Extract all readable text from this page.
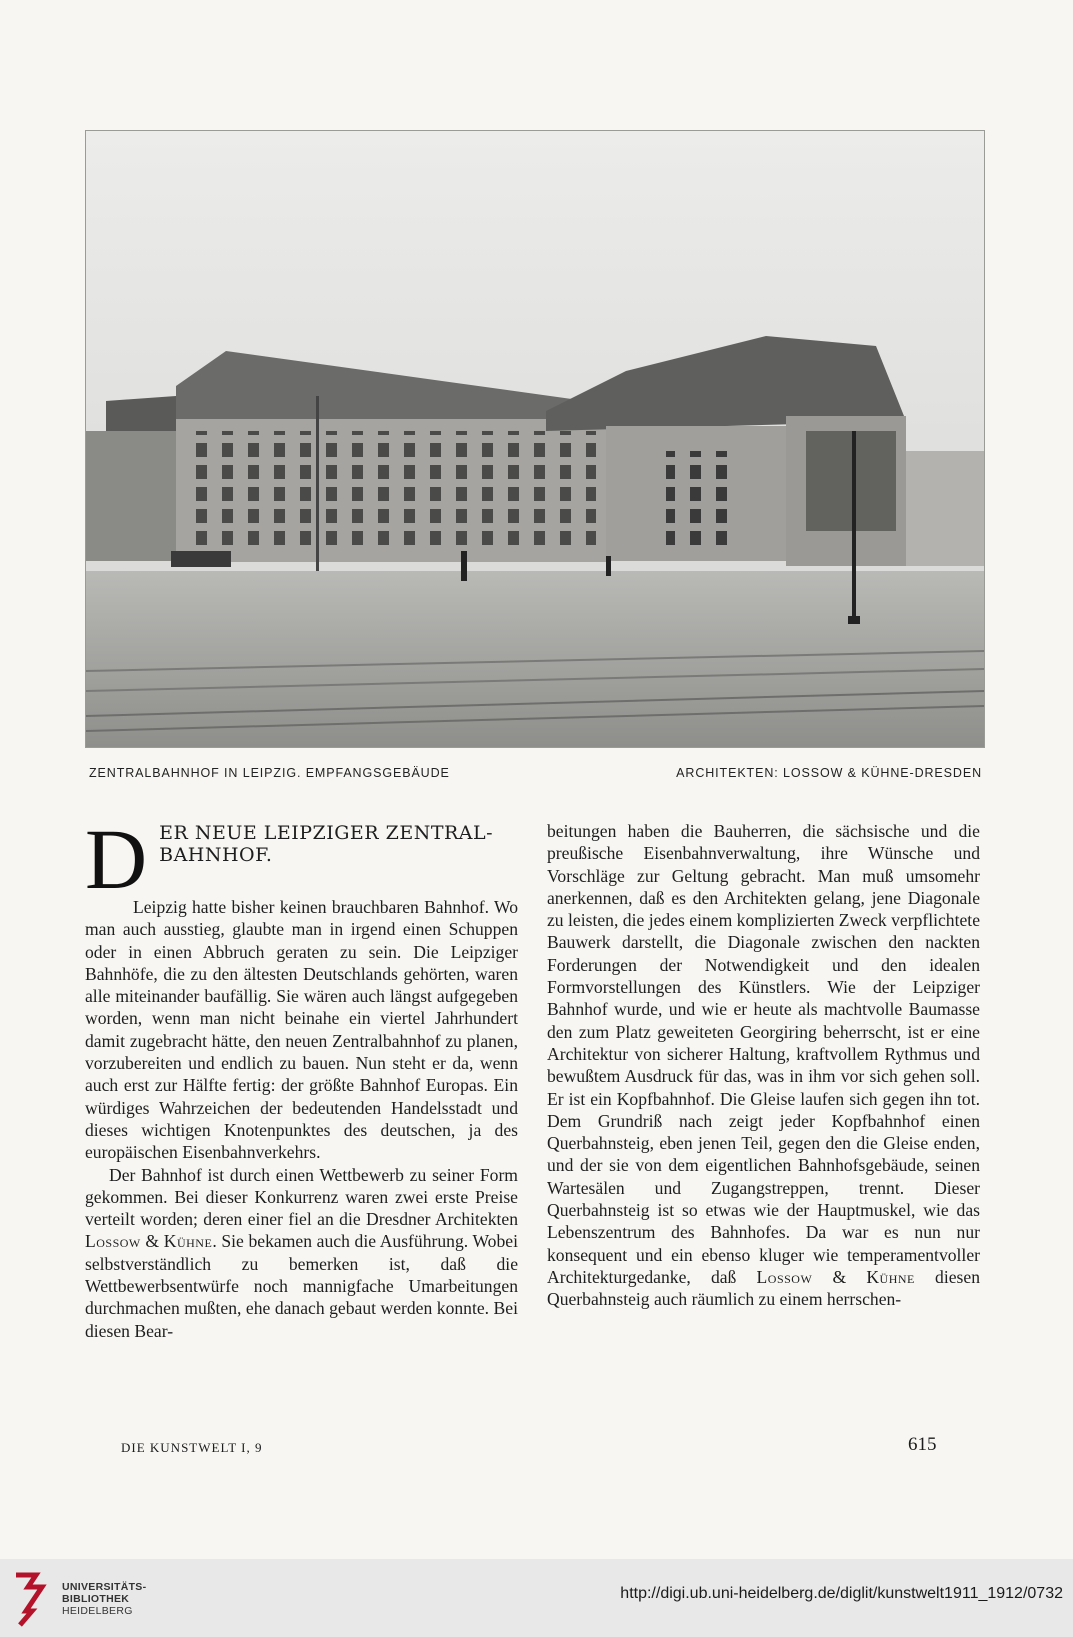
ZENTRALBAHNHOF IN LEIPZIG. EMPFANGSGEBÄUDE	ARCHITEKTEN: LOSSOW & KÜHNE-DRESDEN
D ER NEUE LEIPZIGER ZENTRAL-
BAHNHOF.

Leipzig hatte bisher keinen brauchbaren Bahnhof. Wo man auch ausstieg, glaubte man in irgend einen Schuppen oder in einen Abbruch geraten zu sein. Die Leipziger Bahnhöfe, die zu den ältesten Deutschlands gehörten, waren alle miteinander baufällig. Sie wären auch längst aufgegeben worden, wenn man nicht beinahe ein viertel Jahrhundert damit zugebracht hätte, den neuen Zentralbahnhof zu planen, vorzubereiten und endlich zu bauen. Nun steht er da, wenn auch erst zur Hälfte fertig: der größte Bahnhof Europas. Ein würdiges Wahrzeichen der bedeutenden Handelsstadt und dieses wichtigen Knotenpunktes des deutschen, ja des europäischen Eisenbahnverkehrs.

Der Bahnhof ist durch einen Wettbewerb zu seiner Form gekommen. Bei dieser Konkurrenz waren zwei erste Preise verteilt worden; deren einer fiel an die Dresdner Architekten Lossow & Kühne. Sie bekamen auch die Ausführung. Wobei selbstverständlich zu bemerken ist, daß die Wettbewerbsentwürfe noch mannigfache Umarbeitungen durchmachen mußten, ehe danach gebaut werden konnte. Bei diesen Bear-

beitungen haben die Bauherren, die sächsische und die preußische Eisenbahnverwaltung, ihre Wünsche und Vorschläge zur Geltung gebracht. Man muß umsomehr anerkennen, daß es den Architekten gelang, jene Diagonale zu leisten, die jedes einem komplizierten Zweck verpflichtete Bauwerk darstellt, die Diagonale zwischen den nackten Forderungen der Notwendigkeit und den idealen Formvorstellungen des Künstlers. Wie der Leipziger Bahnhof wurde, und wie er heute als machtvolle Baumasse den zum Platz geweiteten Georgiring beherrscht, ist er eine Architektur von sicherer Haltung, kraftvollem Rythmus und bewußtem Ausdruck für das, was in ihm vor sich gehen soll. Er ist ein Kopfbahnhof. Die Gleise laufen sich gegen ihn tot. Dem Grundriß nach zeigt jeder Kopfbahnhof einen Querbahnsteig, eben jenen Teil, gegen den die Gleise enden, und der sie von dem eigentlichen Bahnhofsgebäude, seinen Wartesälen und Zugangstreppen, trennt. Dieser Querbahnsteig ist so etwas wie der Hauptmuskel, wie das Lebenszentrum des Bahnhofes. Da war es nun nur konsequent und ein ebenso kluger wie temperamentvoller Architekturgedanke, daß Lossow & Kühne diesen Querbahnsteig auch räumlich zu einem herrschen-

DIE KUNSTWELT I, 9	615
UNIVERSITÄTS-
BIBLIOTHEK
HEIDELBERG
http://digi.ub.uni-heidelberg.de/diglit/kunstwelt1911_1912/0732
